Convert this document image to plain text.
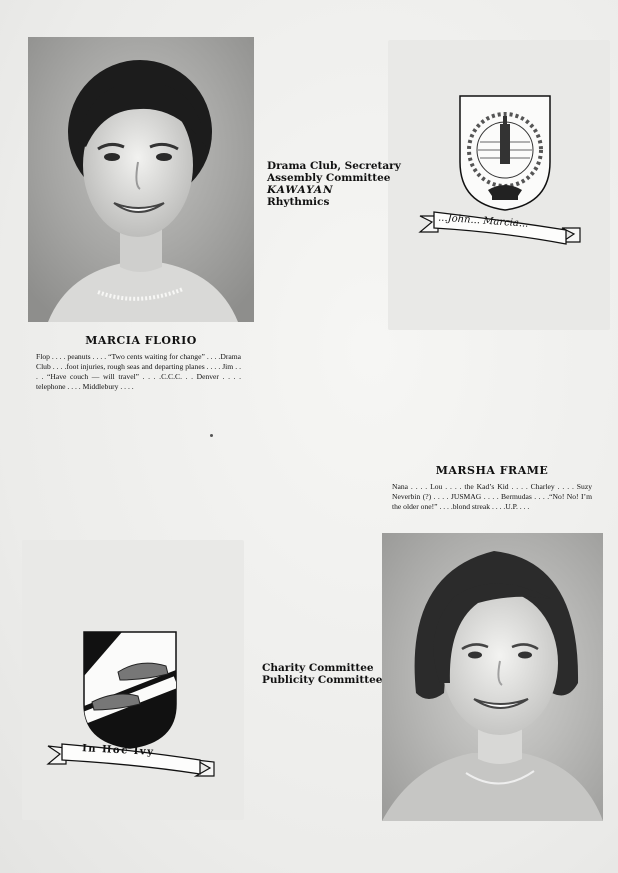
Drama Club, Secretary
Assembly Committee
KAWAYAN
Rhythmics
...John... Marcia...
MARCIA FLORIO
Flop . . . . peanuts . . . . “Two cents waiting for change” . . . .Drama Club . . . .foot injuries, rough seas and departing planes . . . . Jim . . . . “Have couch — will travel” . . . .C.C.C. . . Denver . . . . telephone . . . . Middlebury . . . .
MARSHA FRAME
Nana . . . . Lou . . . . the Kad’s Kid . . . . Charley . . . . Suzy Neverbin (?) . . . . JUSMAG . . . . Bermudas . . . .“No! No! I’m the older one!” . . . .blond streak . . . .U.P. . . .
In Hoc Ivy
Charity Committee
Publicity Committee
